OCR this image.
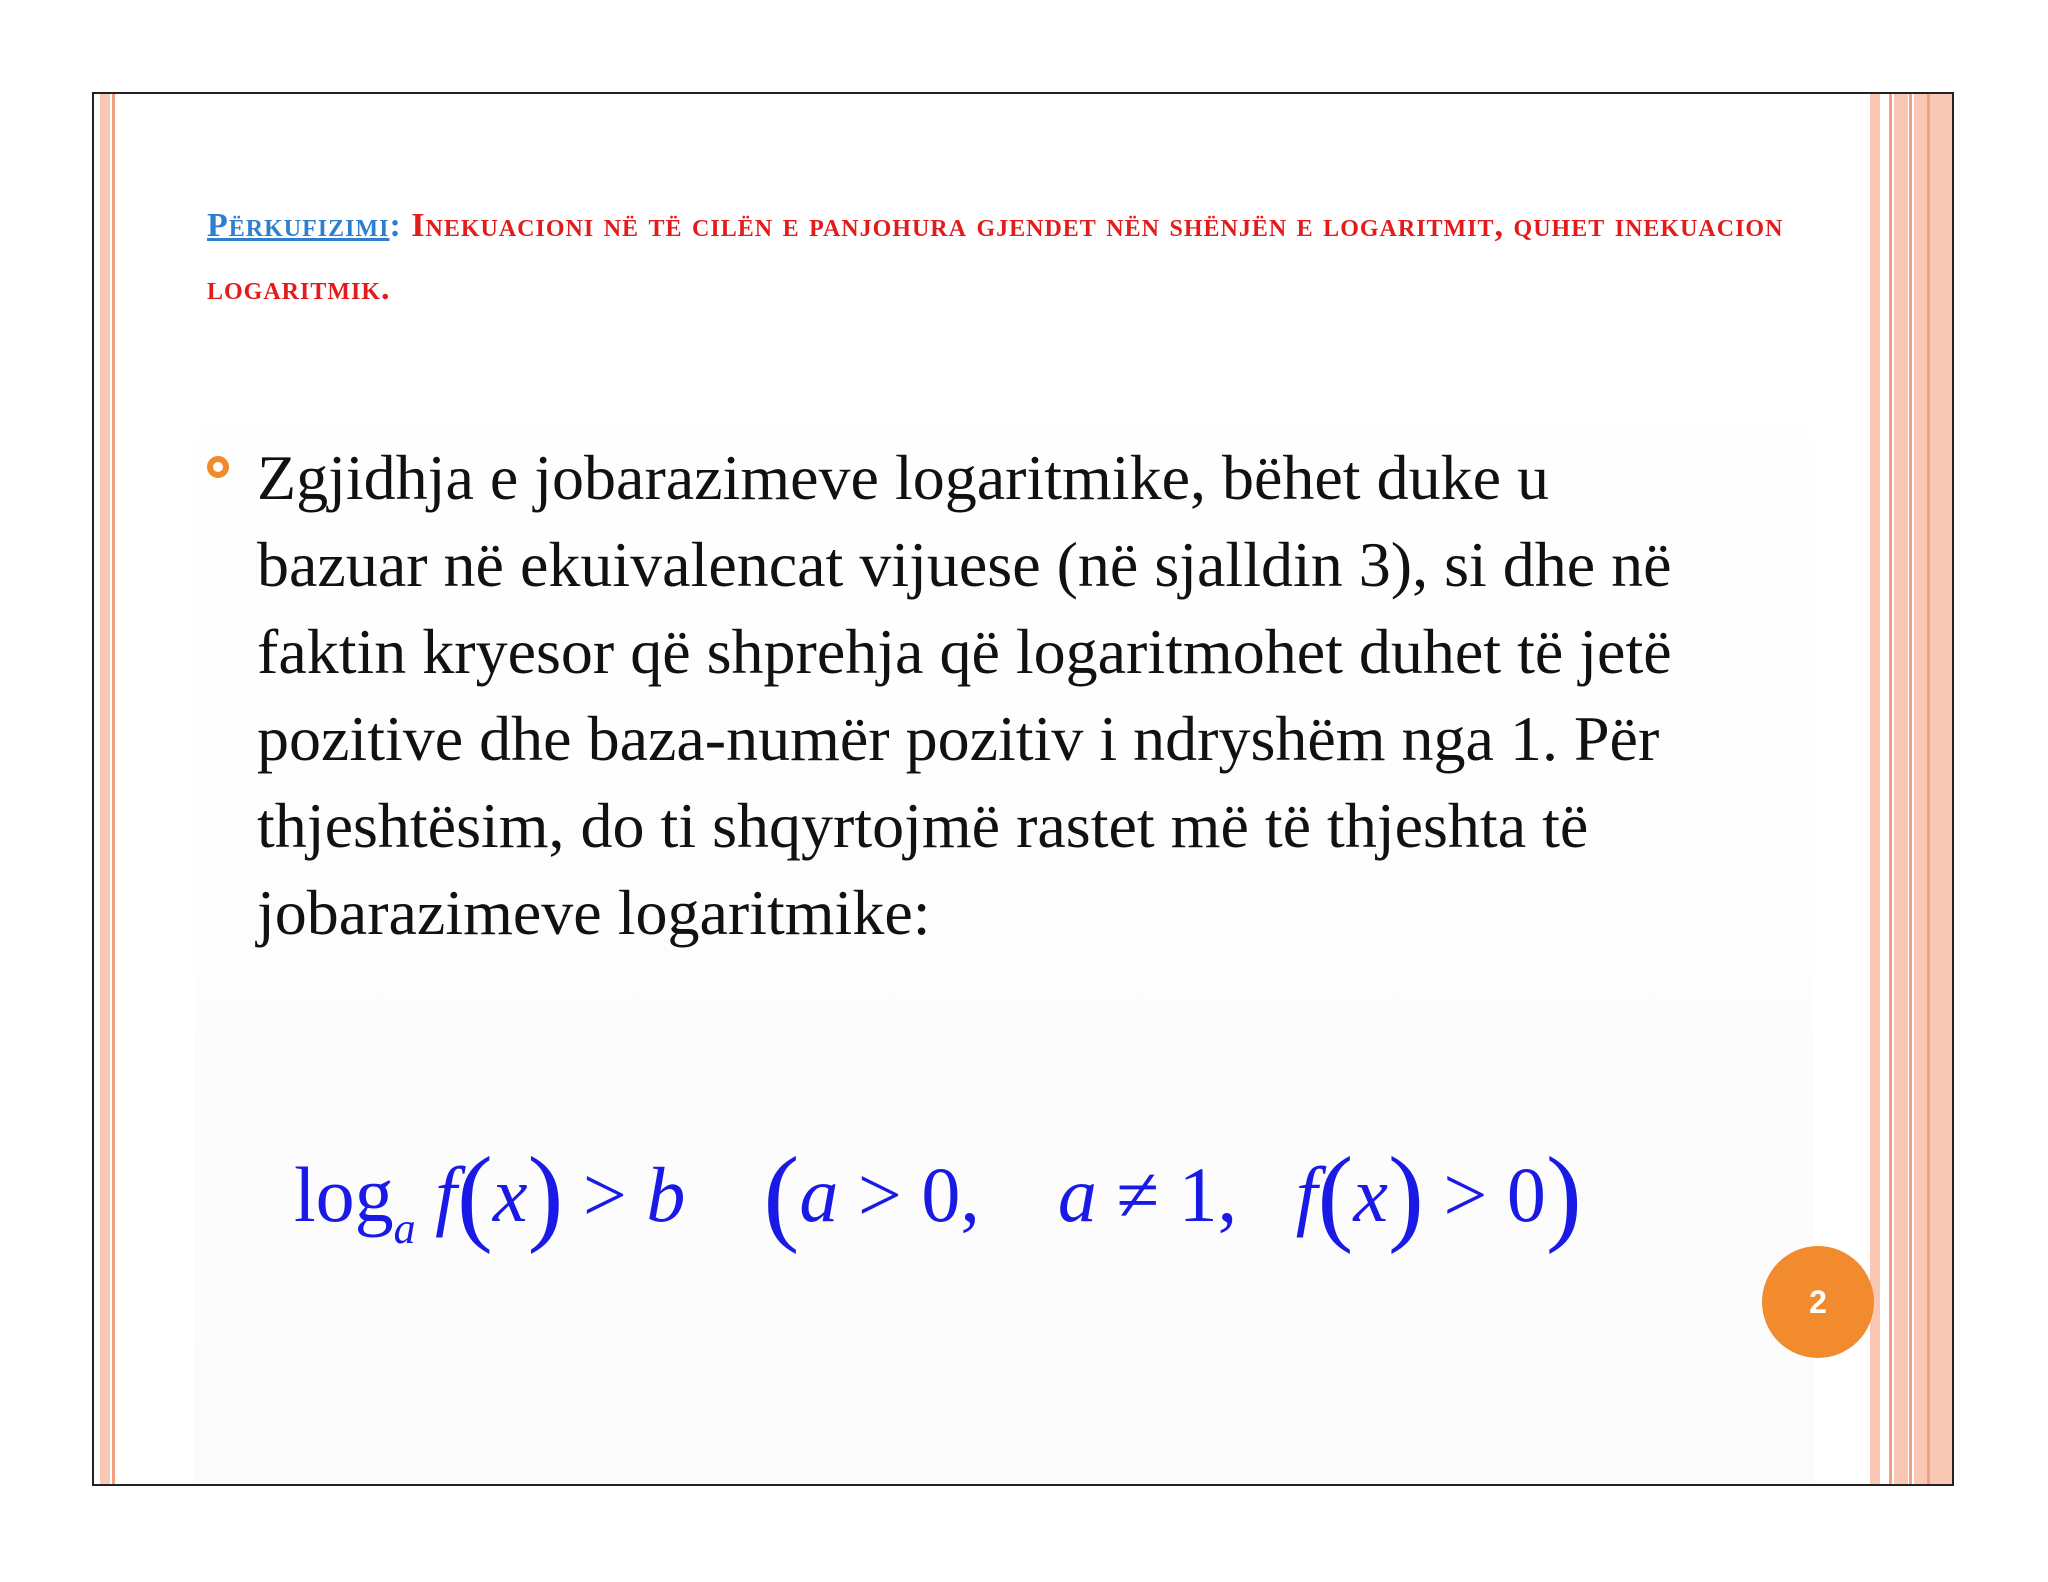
Përkufizimi: Inekuacioni në të cilën e panjohura gjendet nën shënjën e logaritmit, quhet inekuacion logaritmik.
Zgjidhja e jobarazimeve logaritmike, bëhet duke u bazuar në ekuivalencat vijuese (në sjalldin 3), si dhe në faktin kryesor që shprehja që logaritmohet duhet të jetë pozitive dhe baza-numër pozitiv i ndryshëm nga 1. Për thjeshtësim, do ti shqyrtojmë rastet më të thjeshta të jobarazimeve logaritmike:
$\log_a f(x) > b$ (a > 0, a ≠ 1, f(x) > 0)
2
